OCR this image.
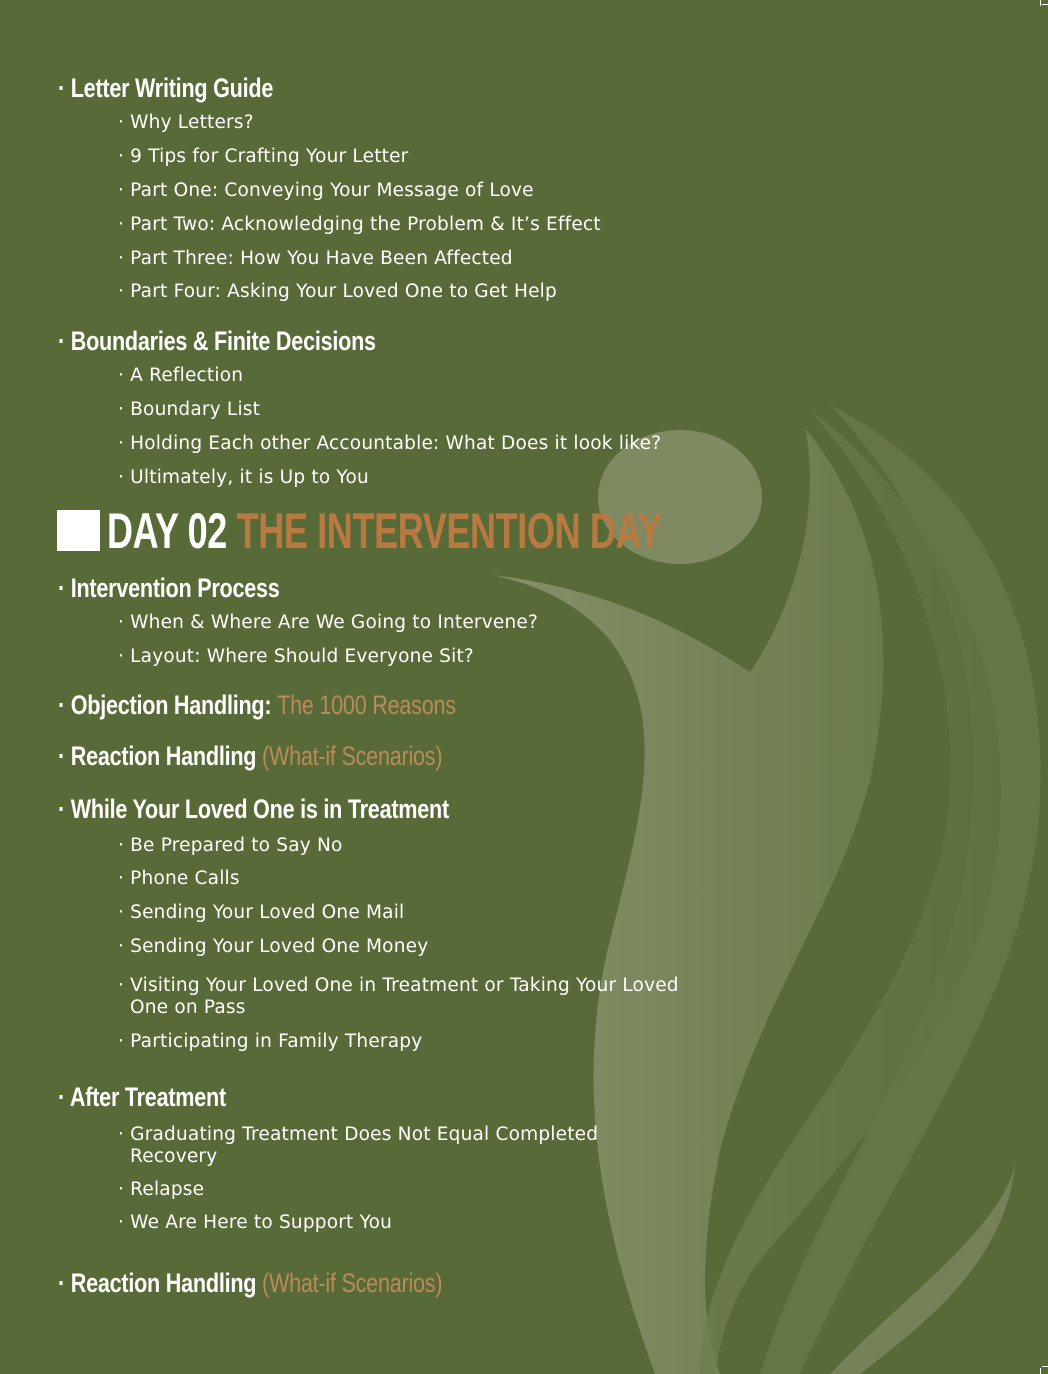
· Letter Writing Guide
· Why Letters?
· 9 Tips for Crafting Your Letter
· Part One: Conveying Your Message of Love
· Part Two: Acknowledging the Problem & It’s Effect
· Part Three: How You Have Been Affected
· Part Four: Asking Your Loved One to Get Help
· Boundaries & Finite Decisions
· A Reflection
· Boundary List
· Holding Each other Accountable: What Does it look like?
· Ultimately, it is Up to You
DAY 02 THE INTERVENTION DAY
· Intervention Process
· When & Where Are We Going to Intervene?
· Layout: Where Should Everyone Sit?
· Objection Handling: The 1000 Reasons
· Reaction Handling (What-if Scenarios)
· While Your Loved One is in Treatment
· Be Prepared to Say No
· Phone Calls
· Sending Your Loved One Mail
· Sending Your Loved One Money
· Visiting Your Loved One in Treatment or Taking Your Loved
One on Pass
· Participating in Family Therapy
· After Treatment
· Graduating Treatment Does Not Equal Completed
Recovery
· Relapse
· We Are Here to Support You
· Reaction Handling (What-if Scenarios)
